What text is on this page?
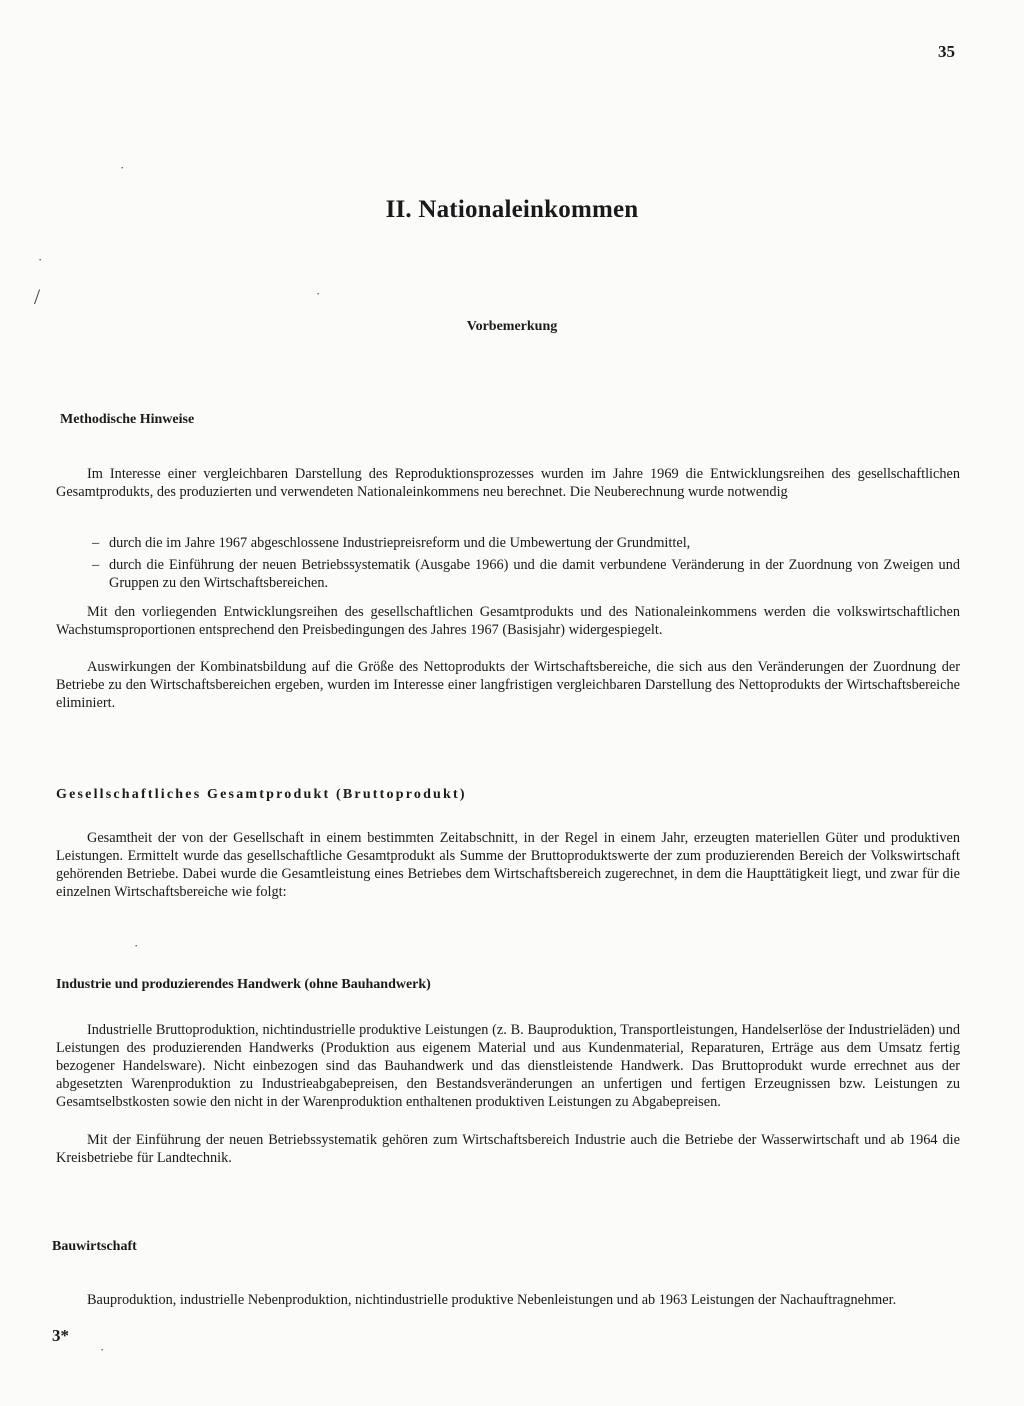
35
·
·
/	·
II. Nationaleinkommen
Vorbemerkung
Methodische Hinweise
Im Interesse einer vergleichbaren Darstellung des Reproduktionsprozesses wurden im Jahre 1969 die Entwicklungsreihen des gesellschaftlichen Gesamtprodukts, des produzierten und verwendeten Nationaleinkommens neu berechnet. Die Neuberechnung wurde notwendig
– durch die im Jahre 1967 abgeschlossene Industriepreisreform und die Umbewertung der Grundmittel,
– durch die Einführung der neuen Betriebssystematik (Ausgabe 1966) und die damit verbundene Veränderung in der Zuordnung von Zweigen und Gruppen zu den Wirtschaftsbereichen.
Mit den vorliegenden Entwicklungsreihen des gesellschaftlichen Gesamtprodukts und des Nationaleinkommens werden die volkswirtschaftlichen Wachstumsproportionen entsprechend den Preisbedingungen des Jahres 1967 (Basisjahr) widergespiegelt.
Auswirkungen der Kombinatsbildung auf die Größe des Nettoprodukts der Wirtschaftsbereiche, die sich aus den Veränderungen der Zuordnung der Betriebe zu den Wirtschaftsbereichen ergeben, wurden im Interesse einer langfristigen vergleichbaren Darstellung des Nettoprodukts der Wirtschaftsbereiche eliminiert.
Gesellschaftliches Gesamtprodukt (Bruttoprodukt)
Gesamtheit der von der Gesellschaft in einem bestimmten Zeitabschnitt, in der Regel in einem Jahr, erzeugten materiellen Güter und produktiven Leistungen. Ermittelt wurde das gesellschaftliche Gesamtprodukt als Summe der Bruttoproduktswerte der zum produzierenden Bereich der Volkswirtschaft gehörenden Betriebe. Dabei wurde die Gesamtleistung eines Betriebes dem Wirtschaftsbereich zugerechnet, in dem die Haupttätigkeit liegt, und zwar für die einzelnen Wirtschaftsbereiche wie folgt:
·
Industrie und produzierendes Handwerk (ohne Bauhandwerk)
Industrielle Bruttoproduktion, nichtindustrielle produktive Leistungen (z. B. Bauproduktion, Transportleistungen, Handelserlöse der Industrieläden) und Leistungen des produzierenden Handwerks (Produktion aus eigenem Material und aus Kundenmaterial, Reparaturen, Erträge aus dem Umsatz fertig bezogener Handelsware). Nicht einbezogen sind das Bauhandwerk und das dienstleistende Handwerk. Das Bruttoprodukt wurde errechnet aus der abgesetzten Warenproduktion zu Industrieabgabepreisen, den Bestandsveränderungen an unfertigen und fertigen Erzeugnissen bzw. Leistungen zu Gesamtselbstkosten sowie den nicht in der Warenproduktion enthaltenen produktiven Leistungen zu Abgabepreisen.
Mit der Einführung der neuen Betriebssystematik gehören zum Wirtschaftsbereich Industrie auch die Betriebe der Wasserwirtschaft und ab 1964 die Kreisbetriebe für Landtechnik.
Bauwirtschaft
Bauproduktion, industrielle Nebenproduktion, nichtindustrielle produktive Nebenleistungen und ab 1963 Leistungen der Nachauftragnehmer.
3*
·
